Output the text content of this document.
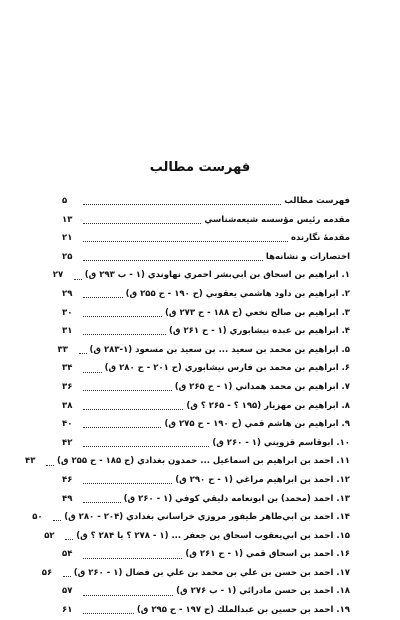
فهرست مطالب
فهرست مطالب
۵
مقدمه رئيس مؤسسه شيعه‌شناسي
۱۳
مقدمهٔ نگارنده
۲۱
اختصارات و نشانه‌ها
۲۵
۱. ابراهيم بن اسحاق بن ابي‌بشر احمري نهاوندي (۱ - ب ۲۹۳ ق)
۲۷
۲. ابراهيم بن داود هاشمي يعقوبي (ح ۱۹۰ - ح ۲۵۵ ق)
۲۹
۳. ابراهيم بن صالح نخعي (ح ۱۸۸ - ح ۲۷۳ ق)
۳۰
۴. ابراهيم بن عبده نيشابوري (۱ - ح ۲۶۱ ق)
۳۱
۵. ابراهيم بن محمد بن سعيد ... بن سعيد بن مسعود (۱-۲۸۳ ق)
۳۳
۶. ابراهيم بن محمد بن فارس نيشابوري (ح ۲۰۱ - ح ۲۸۰ ق)
۳۴
۷. ابراهيم بن محمد همداني (۱ - ح ۲۶۵ ق)
۳۶
۸. ابراهيم بن مهزيار (۱۹۵ ؟ - ۲۶۵ ؟ ق)
۳۸
۹. ابراهيم بن هاشم قمي (ح ۱۹۰ - ح ۲۷۵ ق)
۴۰
۱۰. ابوقاسم قزويني (۱ - ۲۶۰ ق)
۴۲
۱۱. احمد بن ابراهيم بن اسماعيل ... حمدون بغدادي (ح ۱۸۵ - ح ۲۵۵ ق)
۴۳
۱۲. احمد بن ابراهيم مراغي (۱ - ح ۲۹۰ ق)
۴۶
۱۳. احمد (محمد) بن ابونعامه دليقي كوفي (۱ - ۲۶۰ ق)
۴۹
۱۴. احمد بن ابي‌طاهر طيفور مروزي خراساني بغدادي (۲۰۴ - ۲۸۰ ق)
۵۰
۱۵. احمد بن ابي‌يعقوب اسحاق بن جعفر ... (۱ - ۲۷۸ ؟ يا ۲۸۴ ؟ ق)
۵۲
۱۶. احمد بن اسحاق قمي (۱ - ح ۲۶۱ ق)
۵۴
۱۷. احمد بن حسن بن علي بن محمد بن علي بن فضال (۱ - ۲۶۰ ق)
۵۶
۱۸. احمد بن حسن مادرائي (۱ - ب ۲۷۶ ق)
۵۷
۱۹. احمد بن حسين بن عبدالملك (ح ۱۹۷ - ح ۲۹۵ ق)
۶۱
